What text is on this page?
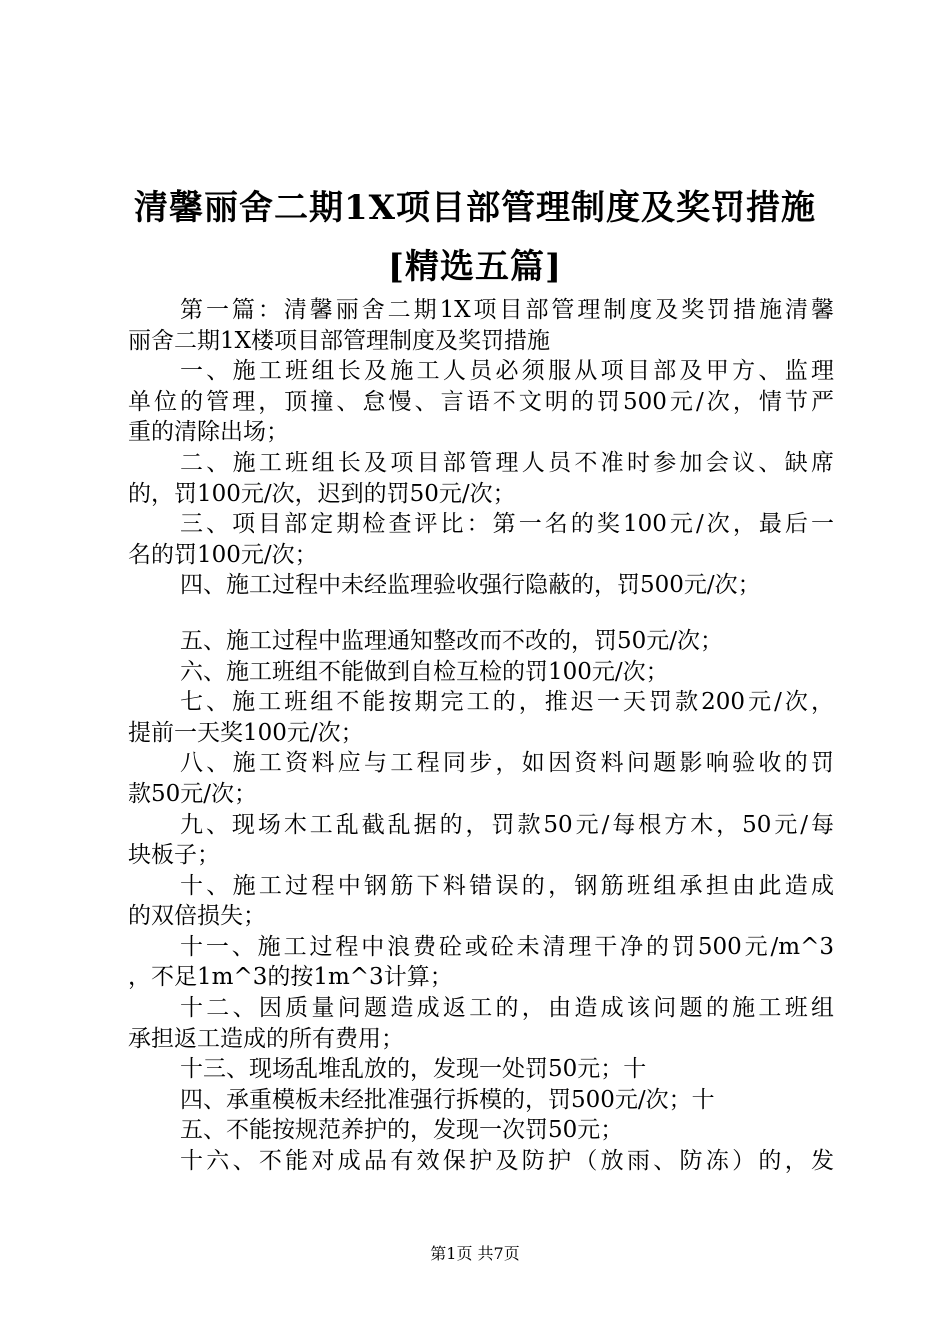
清馨丽舍二期1X项目部管理制度及奖罚措施
[精选五篇]
第一篇：清馨丽舍二期1X项目部管理制度及奖罚措施清馨
丽舍二期1X楼项目部管理制度及奖罚措施
一、施工班组长及施工人员必须服从项目部及甲方、监理
单位的管理，顶撞、怠慢、言语不文明的罚500元/次，情节严
重的清除出场；
二、施工班组长及项目部管理人员不准时参加会议、缺席
的，罚100元/次，迟到的罚50元/次；
三、项目部定期检查评比：第一名的奖100元/次，最后一
名的罚100元/次；
四、施工过程中未经监理验收强行隐蔽的，罚500元/次；
五、施工过程中监理通知整改而不改的，罚50元/次；
六、施工班组不能做到自检互检的罚100元/次；
七、施工班组不能按期完工的，推迟一天罚款200元/次，
提前一天奖100元/次；
八、施工资料应与工程同步，如因资料问题影响验收的罚
款50元/次；
九、现场木工乱截乱据的，罚款50元/每根方木，50元/每
块板子；
十、施工过程中钢筋下料错误的，钢筋班组承担由此造成
的双倍损失；
十一、施工过程中浪费砼或砼未清理干净的罚500元/m^3
，不足1m^3的按1m^3计算；
十二、因质量问题造成返工的，由造成该问题的施工班组
承担返工造成的所有费用；
十三、现场乱堆乱放的，发现一处罚50元；十
四、承重模板未经批准强行拆模的，罚500元/次；十
五、不能按规范养护的，发现一次罚50元；
十六、不能对成品有效保护及防护（放雨、防冻）的，发
第1页 共7页
